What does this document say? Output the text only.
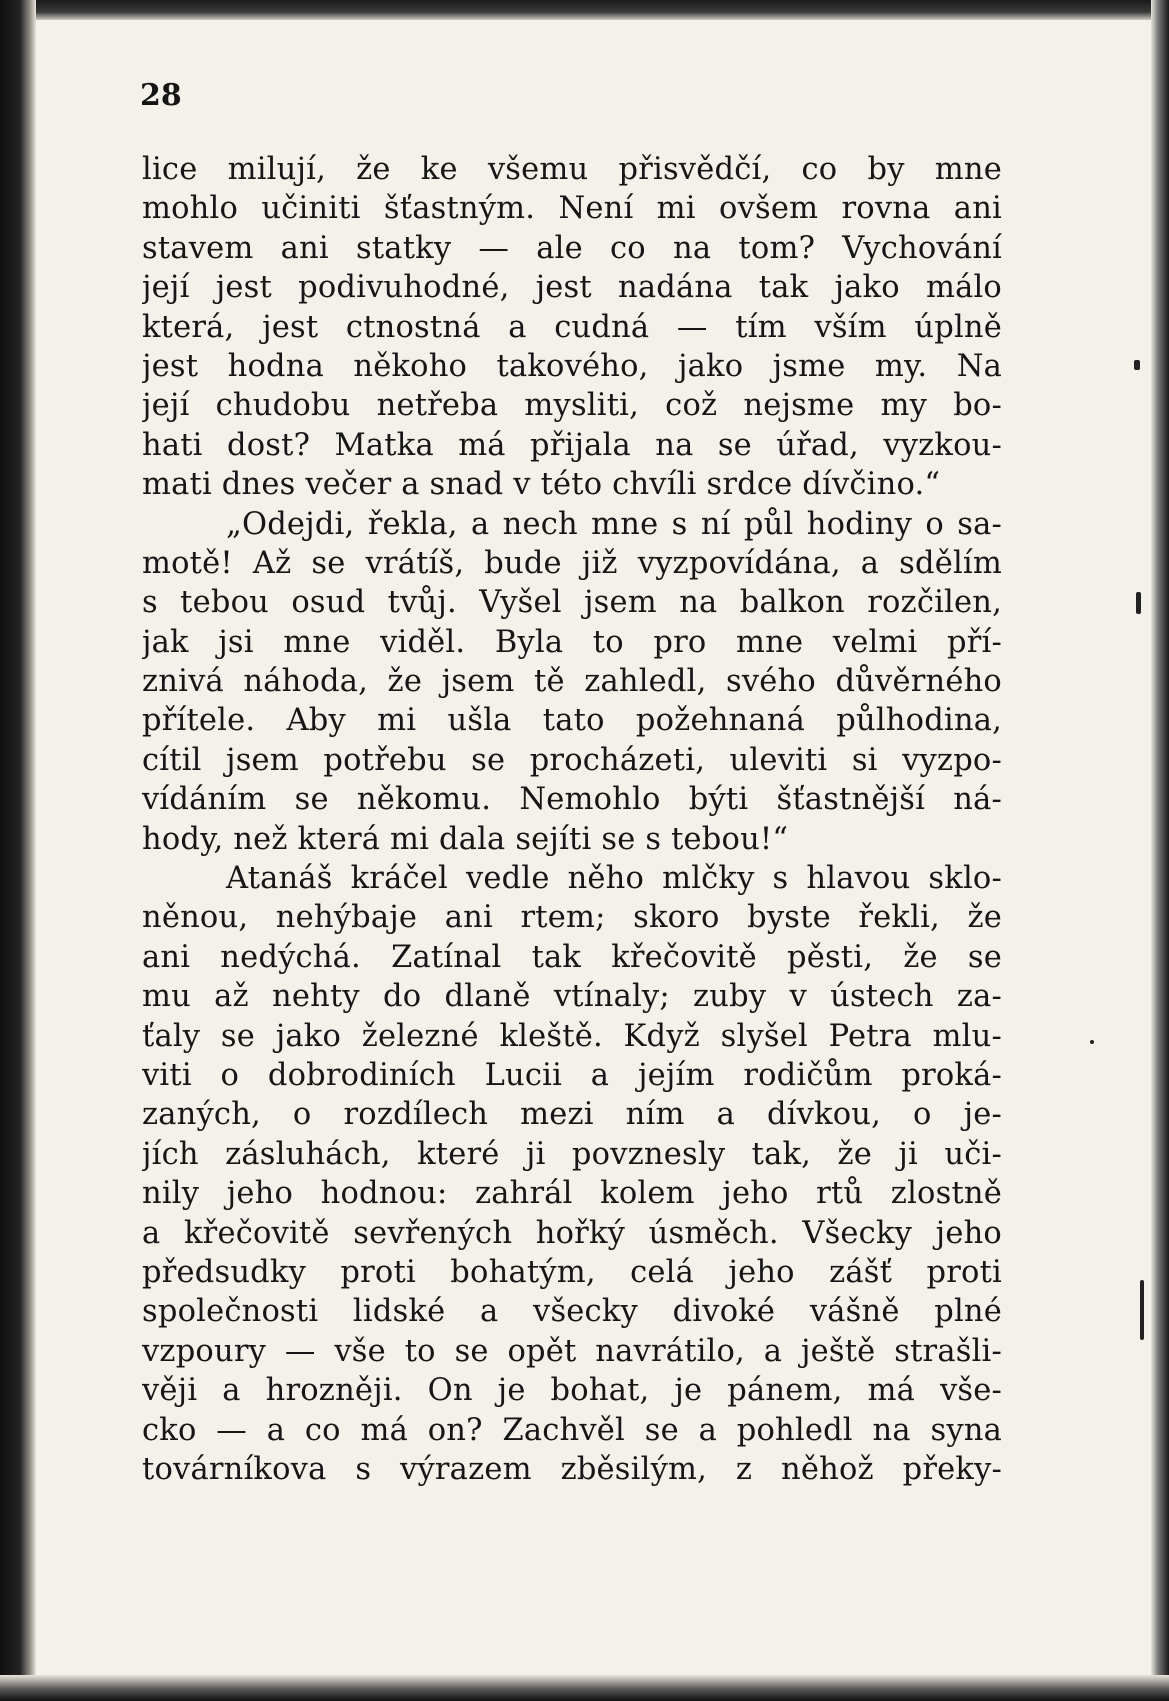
28
lice milují, že ke všemu přisvědčí, co by mne
mohlo učiniti šťastným. Není mi ovšem rovna ani
stavem ani statky — ale co na tom? Vychování
její jest podivuhodné, jest nadána tak jako málo
která, jest ctnostná a cudná — tím vším úplně
jest hodna někoho takového, jako jsme my. Na
její chudobu netřeba mysliti, což nejsme my bo-
hati dost? Matka má přijala na se úřad, vyzkou-
mati dnes večer a snad v této chvíli srdce dívčino.“
„Odejdi, řekla, a nech mne s ní půl hodiny o sa-
motě! Až se vrátíš, bude již vyzpovídána, a sdělím
s tebou osud tvůj. Vyšel jsem na balkon rozčilen,
jak jsi mne viděl. Byla to pro mne velmi pří-
znivá náhoda, že jsem tě zahledl, svého důvěrného
přítele. Aby mi ušla tato požehnaná půlhodina,
cítil jsem potřebu se procházeti, uleviti si vyzpo-
vídáním se někomu. Nemohlo býti šťastnější ná-
hody, než která mi dala sejíti se s tebou!“
Atanáš kráčel vedle něho mlčky s hlavou sklo-
něnou, nehýbaje ani rtem; skoro byste řekli, že
ani nedýchá. Zatínal tak křečovitě pěsti, že se
mu až nehty do dlaně vtínaly; zuby v ústech za-
ťaly se jako železné kleště. Když slyšel Petra mlu-
viti o dobrodiních Lucii a jejím rodičům proká-
zaných, o rozdílech mezi ním a dívkou, o je-
jích zásluhách, které ji povznesly tak, že ji uči-
nily jeho hodnou: zahrál kolem jeho rtů zlostně
a křečovitě sevřených hořký úsměch. Všecky jeho
předsudky proti bohatým, celá jeho zášť proti
společnosti lidské a všecky divoké vášně plné
vzpoury — vše to se opět navrátilo, a ještě strašli-
věji a hrozněji. On je bohat, je pánem, má vše-
cko — a co má on? Zachvěl se a pohledl na syna
továrníkova s výrazem zběsilým, z něhož překy-
